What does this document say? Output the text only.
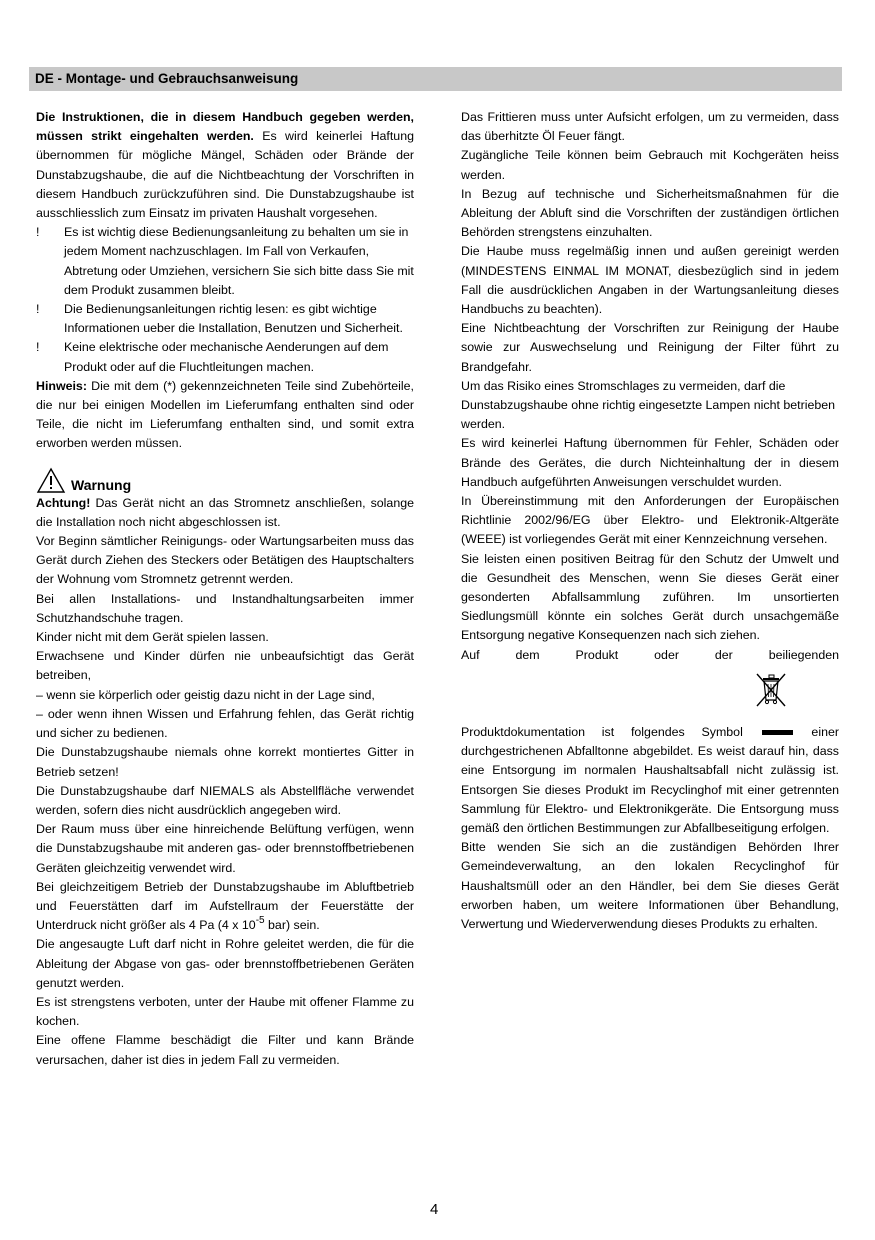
DE - Montage- und Gebrauchsanweisung

Die Instruktionen, die in diesem Handbuch gegeben werden, müssen strikt eingehalten werden. Es wird keinerlei Haftung übernommen für mögliche Mängel, Schäden oder Brände der Dunstabzugshaube, die auf die Nichtbeachtung der Vorschriften in diesem Handbuch zurückzuführen sind. Die Dunstabzugshaube ist ausschliesslich zum Einsatz im privaten Haushalt vorgesehen.

! Es ist wichtig diese Bedienungsanleitung zu behalten um sie in jedem Moment nachzuschlagen. Im Fall von Verkaufen, Abtretung oder Umziehen, versichern Sie sich bitte dass Sie mit dem Produkt zusammen bleibt.

! Die Bedienungsanleitungen richtig lesen: es gibt wichtige Informationen ueber die Installation, Benutzen und Sicherheit.

! Keine elektrische oder mechanische Aenderungen auf dem Produkt oder auf die Fluchtleitungen machen.

Hinweis: Die mit dem (*) gekennzeichneten Teile sind Zubehörteile, die nur bei einigen Modellen im Lieferumfang enthalten sind oder Teile, die nicht im Lieferumfang enthalten sind, und somit extra erworben werden müssen.

Warnung

Achtung! Das Gerät nicht an das Stromnetz anschließen, solange die Installation noch nicht abgeschlossen ist.

Vor Beginn sämtlicher Reinigungs- oder Wartungsarbeiten muss das Gerät durch Ziehen des Steckers oder Betätigen des Hauptschalters der Wohnung vom Stromnetz getrennt werden.

Bei allen Installations- und Instandhaltungsarbeiten immer Schutzhandschuhe tragen.

Kinder nicht mit dem Gerät spielen lassen.

Erwachsene und Kinder dürfen nie unbeaufsichtigt das Gerät betreiben,

– wenn sie körperlich oder geistig dazu nicht in der Lage sind,

– oder wenn ihnen Wissen und Erfahrung fehlen, das Gerät richtig und sicher zu bedienen.

Die Dunstabzugshaube niemals ohne korrekt montiertes Gitter in Betrieb setzen!

Die Dunstabzugshaube darf NIEMALS als Abstellfläche verwendet werden, sofern dies nicht ausdrücklich angegeben wird.

Der Raum muss über eine hinreichende Belüftung verfügen, wenn die Dunstabzugshaube mit anderen gas- oder brennstoffbetriebenen Geräten gleichzeitig verwendet wird.

Bei gleichzeitigem Betrieb der Dunstabzugshaube im Abluftbetrieb und Feuerstätten darf im Aufstellraum der Feuerstätte der Unterdruck nicht größer als 4 Pa (4 x $10^{-5}$ bar) sein.

Die angesaugte Luft darf nicht in Rohre geleitet werden, die für die Ableitung der Abgase von gas- oder brennstoffbetriebenen Geräten genutzt werden.

Es ist strengstens verboten, unter der Haube mit offener Flamme zu kochen.

Eine offene Flamme beschädigt die Filter und kann Brände verursachen, daher ist dies in jedem Fall zu vermeiden.

Das Frittieren muss unter Aufsicht erfolgen, um zu vermeiden, dass das überhitzte Öl Feuer fängt.

Zugängliche Teile können beim Gebrauch mit Kochgeräten heiss werden.

In Bezug auf technische und Sicherheitsmaßnahmen für die Ableitung der Abluft sind die Vorschriften der zuständigen örtlichen Behörden strengstens einzuhalten.

Die Haube muss regelmäßig innen und außen gereinigt werden (MINDESTENS EINMAL IM MONAT, diesbezüglich sind in jedem Fall die ausdrücklichen Angaben in der Wartungsanleitung dieses Handbuchs zu beachten).

Eine Nichtbeachtung der Vorschriften zur Reinigung der Haube sowie zur Auswechselung und Reinigung der Filter führt zu Brandgefahr.

Um das Risiko eines Stromschlages zu vermeiden, darf die

Dunstabzugshaube ohne richtig eingesetzte Lampen nicht betrieben

werden.

Es wird keinerlei Haftung übernommen für Fehler, Schäden oder Brände des Gerätes, die durch Nichteinhaltung der in diesem Handbuch aufgeführten Anweisungen verschuldet wurden.

In Übereinstimmung mit den Anforderungen der Europäischen Richtlinie 2002/96/EG über Elektro- und Elektronik-Altgeräte (WEEE) ist vorliegendes Gerät mit einer Kennzeichnung versehen.

Sie leisten einen positiven Beitrag für den Schutz der Umwelt und die Gesundheit des Menschen, wenn Sie dieses Gerät einer gesonderten Abfallsammlung zuführen. Im unsortierten Siedlungsmüll könnte ein solches Gerät durch unsachgemäße Entsorgung negative Konsequenzen nach sich ziehen.

Auf dem Produkt oder der beiliegenden

Produktdokumentation ist folgendes Symbol	einer durchgestrichenen Abfalltonne abgebildet. Es weist darauf hin, dass eine Entsorgung im normalen Haushaltsabfall nicht zulässig ist. Entsorgen Sie dieses Produkt im Recyclinghof mit einer getrennten Sammlung für Elektro- und Elektronikgeräte. Die Entsorgung muss gemäß den örtlichen Bestimmungen zur Abfallbeseitigung erfolgen.

Bitte wenden Sie sich an die zuständigen Behörden Ihrer Gemeindeverwaltung, an den lokalen Recyclinghof für Haushaltsmüll oder an den Händler, bei dem Sie dieses Gerät erworben haben, um weitere Informationen über Behandlung, Verwertung und Wiederverwendung dieses Produkts zu erhalten.

4
